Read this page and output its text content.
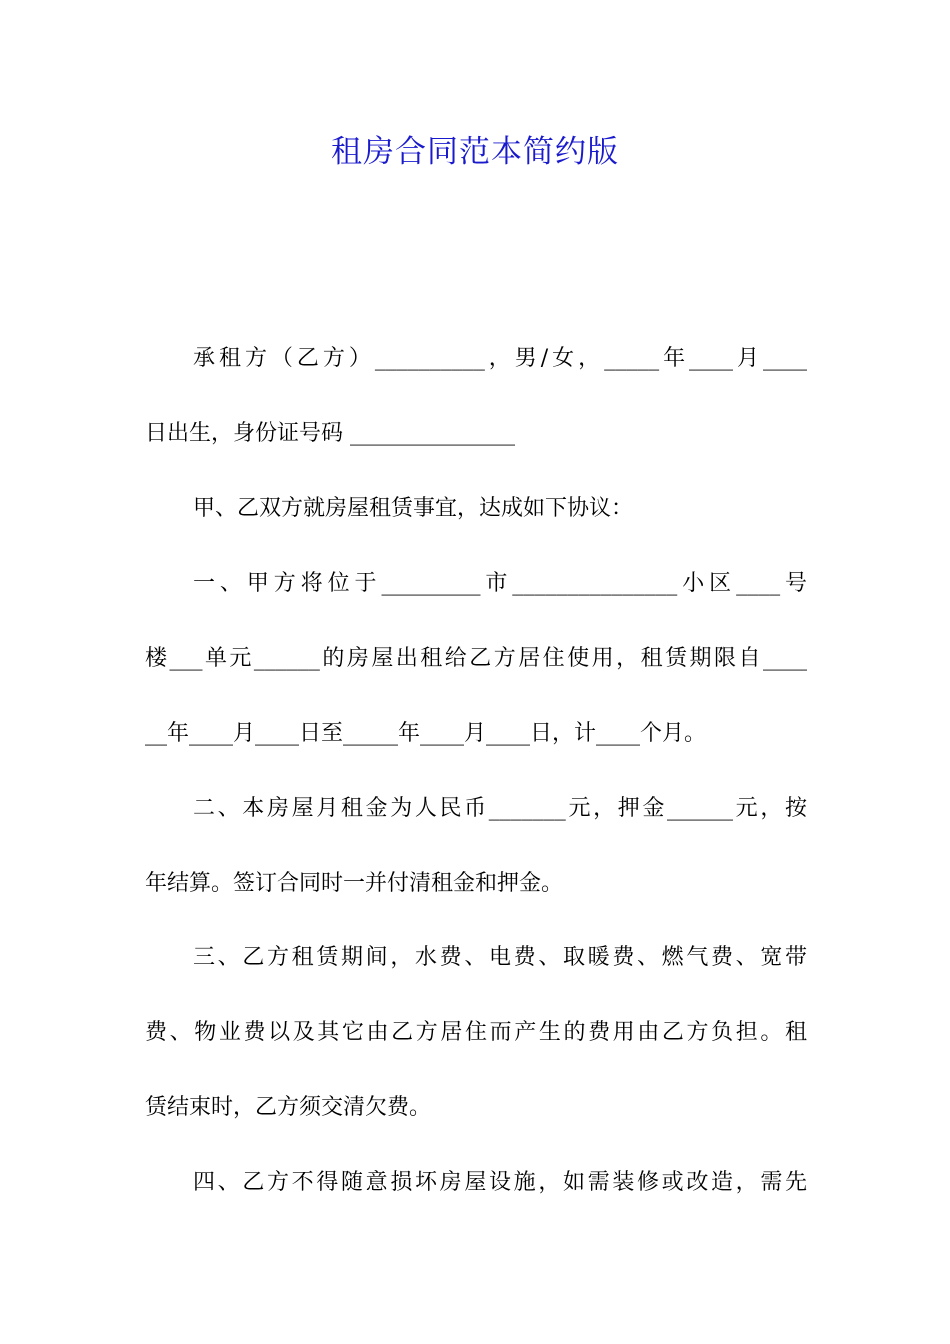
租房合同范本简约版
承租方（乙方）__________，男/女，_____年____月____
日出生，身份证号码 _______________
甲、乙双方就房屋租赁事宜，达成如下协议：
一、甲方将位于_________市_______________小区____号
楼___单元______的房屋出租给乙方居住使用，租赁期限自____
__年____月____日至_____年____月____日，计____个月。
二、本房屋月租金为人民币_______元，押金______元，按
年结算。签订合同时一并付清租金和押金。
三、乙方租赁期间，水费、电费、取暖费、燃气费、宽带
费、物业费以及其它由乙方居住而产生的费用由乙方负担。租
赁结束时，乙方须交清欠费。
四、乙方不得随意损坏房屋设施，如需装修或改造，需先
